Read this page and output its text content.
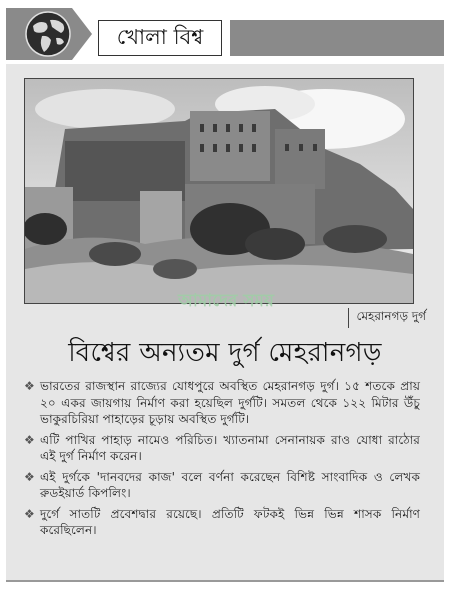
খোলা বিশ্ব
আমাদের সময়
মেহরানগড় দুর্গ
বিশ্বের অন্যতম দুর্গ মেহরানগড়
❖ ভারতের রাজস্থান রাজ্যের যোধপুরে অবস্থিত মেহরানগড় দুর্গ। ১৫ শতকে প্রায় ২০ একর জায়গায় নির্মাণ করা হয়েছিল দুর্গটি। সমতল থেকে ১২২ মিটার উঁচু ভাকুরচিরিয়া পাহাড়ের চূড়ায় অবস্থিত দুর্গটি।
❖ এটি পাখির পাহাড় নামেও পরিচিত। খ্যাতনামা সেনানায়ক রাও যোধা রাঠোর এই দুর্গ নির্মাণ করেন।
❖ এই দুর্গকে 'দানবদের কাজ' বলে বর্ণনা করেছেন বিশিষ্ট সাংবাদিক ও লেখক রুডইয়ার্ড কিপলিং।
❖ দুর্গে সাতটি প্রবেশদ্বার রয়েছে। প্রতিটি ফটকই ভিন্ন ভিন্ন শাসক নির্মাণ করেছিলেন।
